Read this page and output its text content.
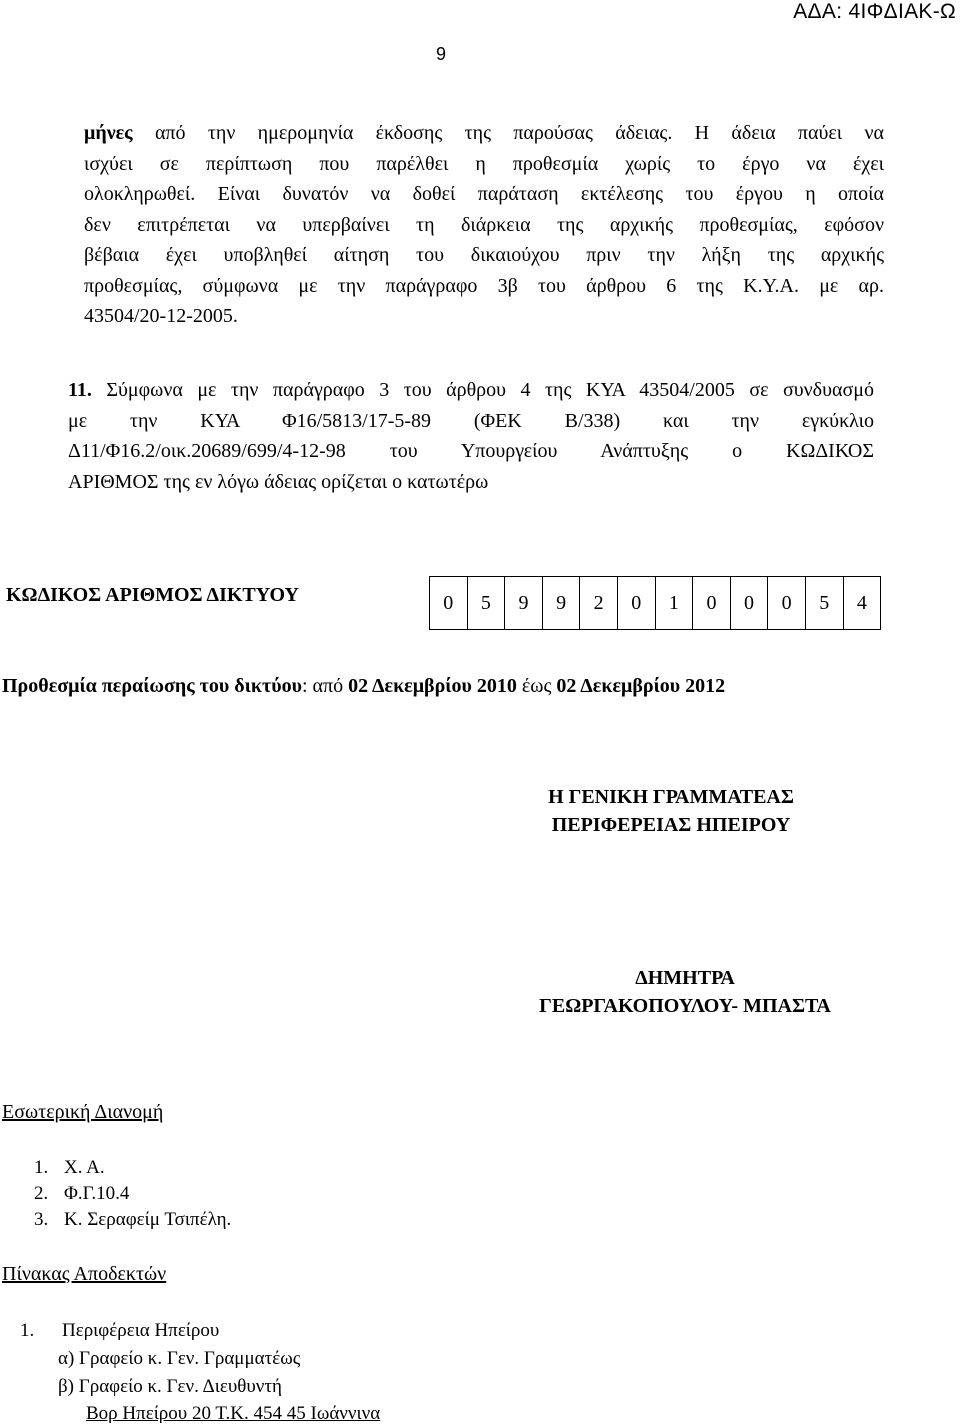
ΑΔΑ: 4ΙΦΔΙΑΚ-Ω
9
μήνες από την ημερομηνία έκδοσης της παρούσας άδειας. Η άδεια παύει να
ισχύει σε περίπτωση που παρέλθει η προθεσμία χωρίς το έργο να έχει
ολοκληρωθεί. Είναι δυνατόν να δοθεί παράταση εκτέλεσης του έργου η οποία
δεν επιτρέπεται να υπερβαίνει τη διάρκεια της αρχικής προθεσμίας, εφόσον
βέβαια έχει υποβληθεί αίτηση του δικαιούχου πριν την λήξη της αρχικής
προθεσμίας, σύμφωνα με την παράγραφο 3β του άρθρου 6 της Κ.Υ.Α. με αρ.
43504/20-12-2005.
11. Σύμφωνα με την παράγραφο 3 του άρθρου 4 της ΚΥΑ 43504/2005 σε συνδυασμό
με την ΚΥΑ Φ16/5813/17-5-89 (ΦΕΚ Β/338) και την εγκύκλιο
Δ11/Φ16.2/οικ.20689/699/4-12-98 του Υπουργείου Ανάπτυξης ο ΚΩΔΙΚΟΣ
ΑΡΙΘΜΟΣ της εν λόγω άδειας ορίζεται ο κατωτέρω
ΚΩΔΙΚΟΣ ΑΡΙΘΜΟΣ ΔΙΚΤΥΟΥ	0	5	9	9	2	0	1	0	0	0	5	4
Προθεσμία περαίωσης του δικτύου: από 02 Δεκεμβρίου 2010 έως 02 Δεκεμβρίου 2012
Η ΓΕΝΙΚΗ ΓΡΑΜΜΑΤΕΑΣ
ΠΕΡΙΦΕΡΕΙΑΣ ΗΠΕΙΡΟΥ
ΔΗΜΗΤΡΑ
ΓΕΩΡΓΑΚΟΠΟΥΛΟΥ- ΜΠΑΣΤΑ
Εσωτερική Διανομή
1. Χ. Α.
2. Φ.Γ.10.4
3. Κ. Σεραφείμ Τσιπέλη.
Πίνακας Αποδεκτών
1. Περιφέρεια Ηπείρου
α) Γραφείο κ. Γεν. Γραμματέως
β) Γραφείο κ. Γεν. Διευθυντή
Βορ Ηπείρου 20 Τ.Κ. 454 45 Ιωάννινα
